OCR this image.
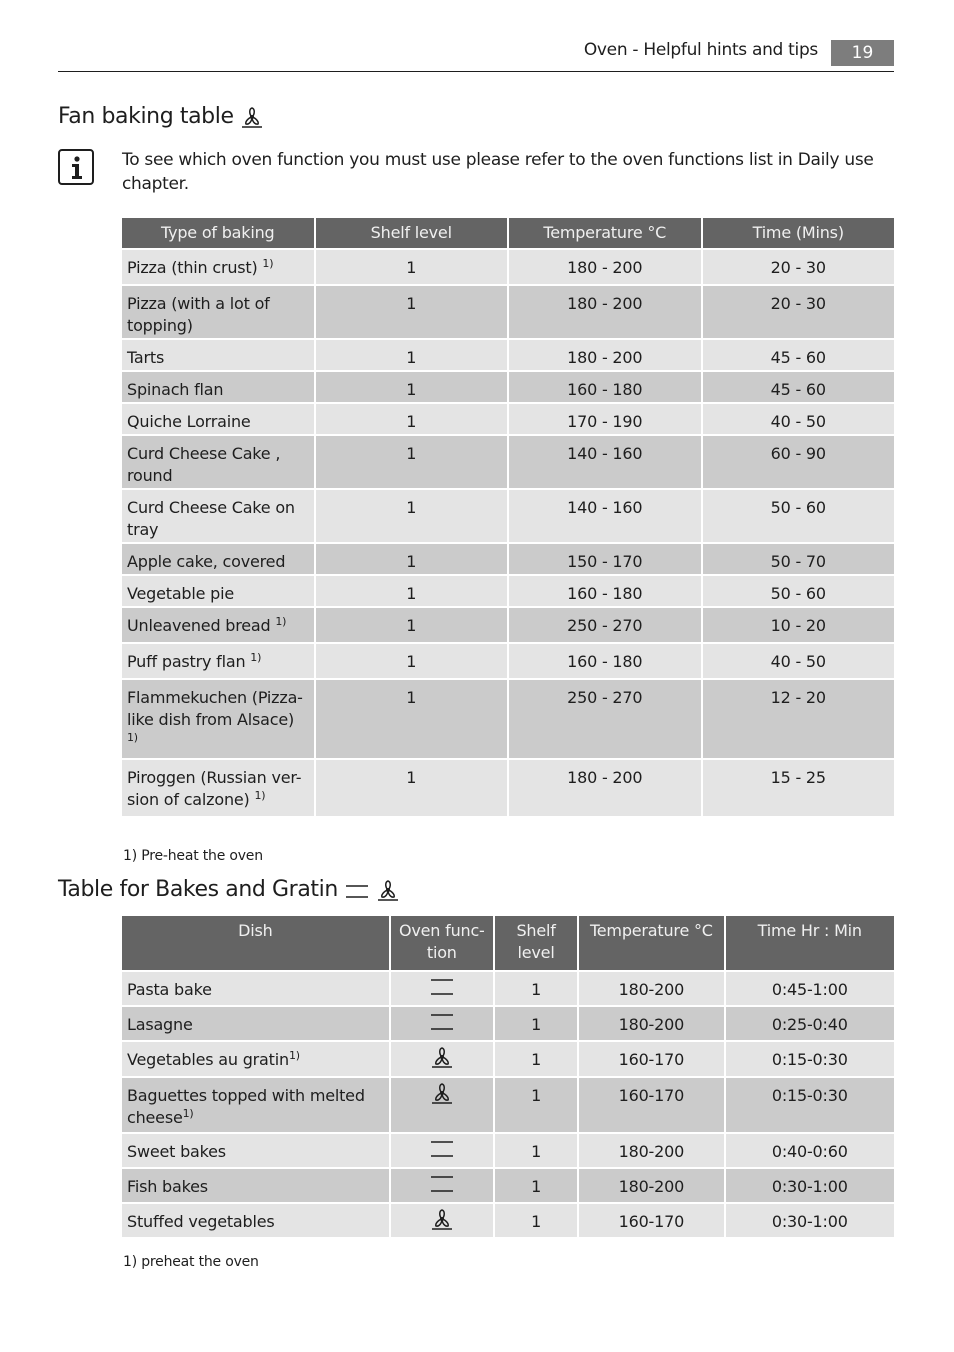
Oven - Helpful hints and tips	19
Fan baking table
To see which oven function you must use please refer to the oven functions list in Daily use chapter.
Type of baking	Shelf level	Temperature °C	Time (Mins)
Pizza (thin crust) $^{1)}$	1	180 - 200	20 - 30
Pizza (with a lot of topping)	1	180 - 200	20 - 30
Tarts	1	180 - 200	45 - 60
Spinach flan	1	160 - 180	45 - 60
Quiche Lorraine	1	170 - 190	40 - 50
Curd Cheese Cake , round	1	140 - 160	60 - 90
Curd Cheese Cake on tray	1	140 - 160	50 - 60
Apple cake, covered	1	150 - 170	50 - 70
Vegetable pie	1	160 - 180	50 - 60
Unleavened bread $^{1)}$	1	250 - 270	10 - 20
Puff pastry flan $^{1)}$	1	160 - 180	40 - 50
Flammekuchen (Pizza-like dish from Alsace) $^{1)}$	1	250 - 270	12 - 20
Piroggen (Russian ver-sion of calzone) $^{1)}$	1	180 - 200	15 - 25
1) Pre-heat the oven
Table for Bakes and Gratin
Dish	Oven func-tion	Shelf level	Temperature °C	Time Hr : Min
Pasta bake		1	180-200	0:45-1:00
Lasagne		1	180-200	0:25-0:40
Vegetables au gratin$^{1)}$		1	160-170	0:15-0:30
Baguettes topped with melted cheese$^{1)}$		1	160-170	0:15-0:30
Sweet bakes		1	180-200	0:40-0:60
Fish bakes		1	180-200	0:30-1:00
Stuffed vegetables		1	160-170	0:30-1:00
1) preheat the oven
